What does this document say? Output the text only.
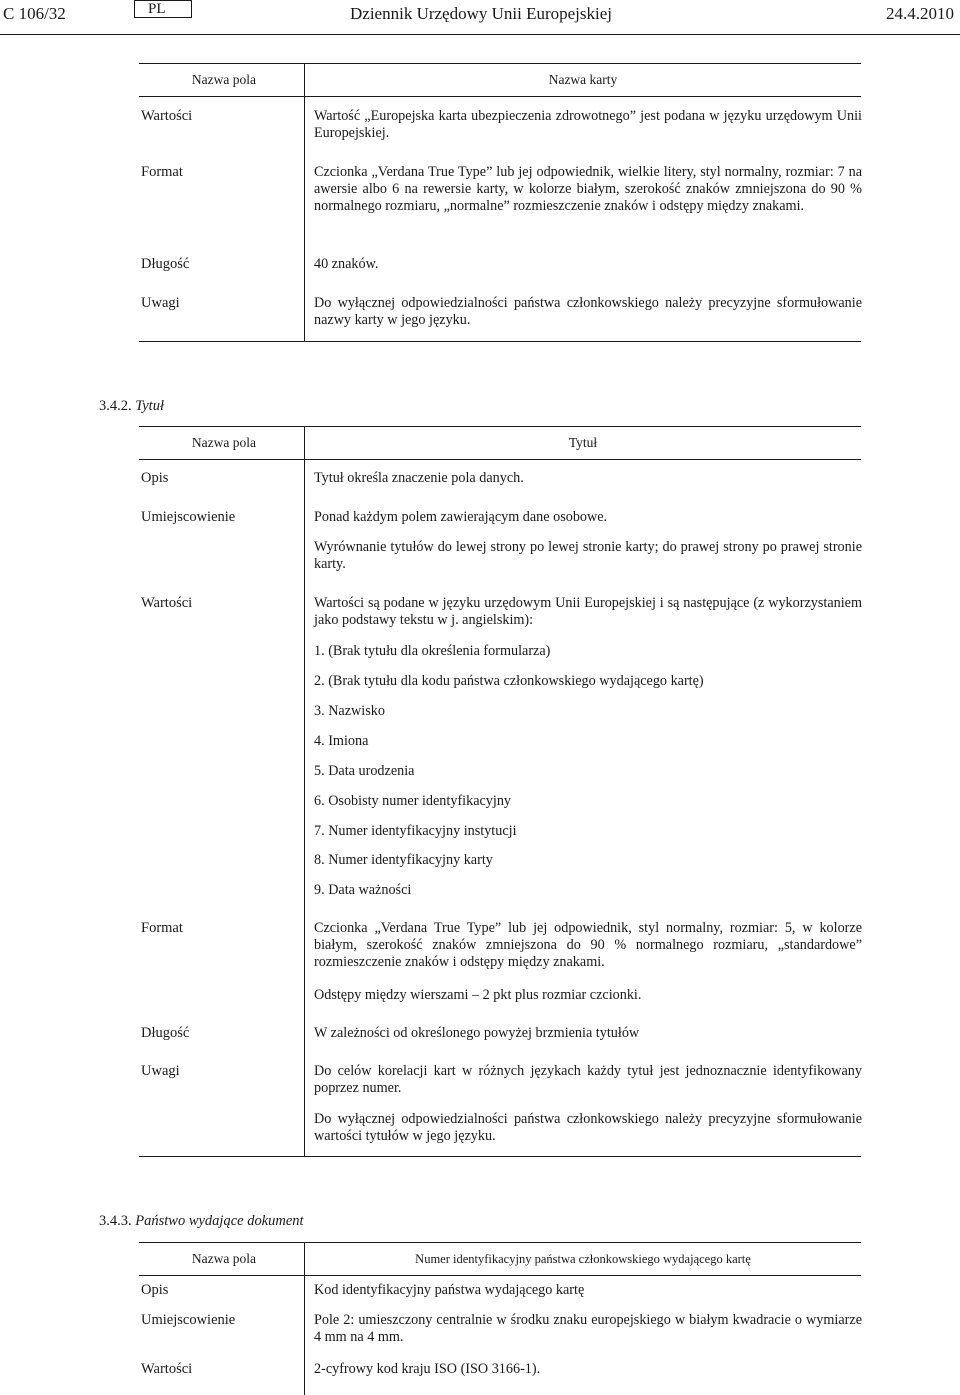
C 106/32	PL	Dziennik Urzędowy Unii Europejskiej	24.4.2010
Nazwa pola	Nazwa karty
Wartości	Wartość „Europejska karta ubezpieczenia zdrowotnego” jest podana w języku urzędowym Unii Europejskiej.
Format	Czcionka „Verdana True Type” lub jej odpowiednik, wielkie litery, styl normalny, rozmiar: 7 na awersie albo 6 na rewersie karty, w kolorze białym, szerokość znaków zmniejszona do 90 % normalnego rozmiaru, „normalne” rozmieszczenie znaków i odstępy między znakami.
Długość	40 znaków.
Uwagi	Do wyłącznej odpowiedzialności państwa członkowskiego należy precyzyjne sformułowanie nazwy karty w jego języku.
3.4.2. Tytuł
Nazwa pola	Tytuł
Opis	Tytuł określa znaczenie pola danych.
Umiejscowienie	Ponad każdym polem zawierającym dane osobowe.
Wyrównanie tytułów do lewej strony po lewej stronie karty; do prawej strony po prawej stronie karty.
Wartości	Wartości są podane w języku urzędowym Unii Europejskiej i są następujące (z wykorzystaniem jako podstawy tekstu w j. angielskim):
1. (Brak tytułu dla określenia formularza)
2. (Brak tytułu dla kodu państwa członkowskiego wydającego kartę)
3. Nazwisko
4. Imiona
5. Data urodzenia
6. Osobisty numer identyfikacyjny
7. Numer identyfikacyjny instytucji
8. Numer identyfikacyjny karty
9. Data ważności
Format	Czcionka „Verdana True Type” lub jej odpowiednik, styl normalny, rozmiar: 5, w kolorze białym, szerokość znaków zmniejszona do 90 % normalnego rozmiaru, „standardowe” rozmieszczenie znaków i odstępy między znakami.
Odstępy między wierszami – 2 pkt plus rozmiar czcionki.
Długość	W zależności od określonego powyżej brzmienia tytułów
Uwagi	Do celów korelacji kart w różnych językach każdy tytuł jest jednoznacznie identyfikowany poprzez numer.
Do wyłącznej odpowiedzialności państwa członkowskiego należy precyzyjne sformułowanie wartości tytułów w jego języku.
3.4.3. Państwo wydające dokument
Nazwa pola	Numer identyfikacyjny państwa członkowskiego wydającego kartę
Opis	Kod identyfikacyjny państwa wydającego kartę
Umiejscowienie	Pole 2: umieszczony centralnie w środku znaku europejskiego w białym kwadracie o wymiarze 4 mm na 4 mm.
Wartości	2-cyfrowy kod kraju ISO (ISO 3166-1).
